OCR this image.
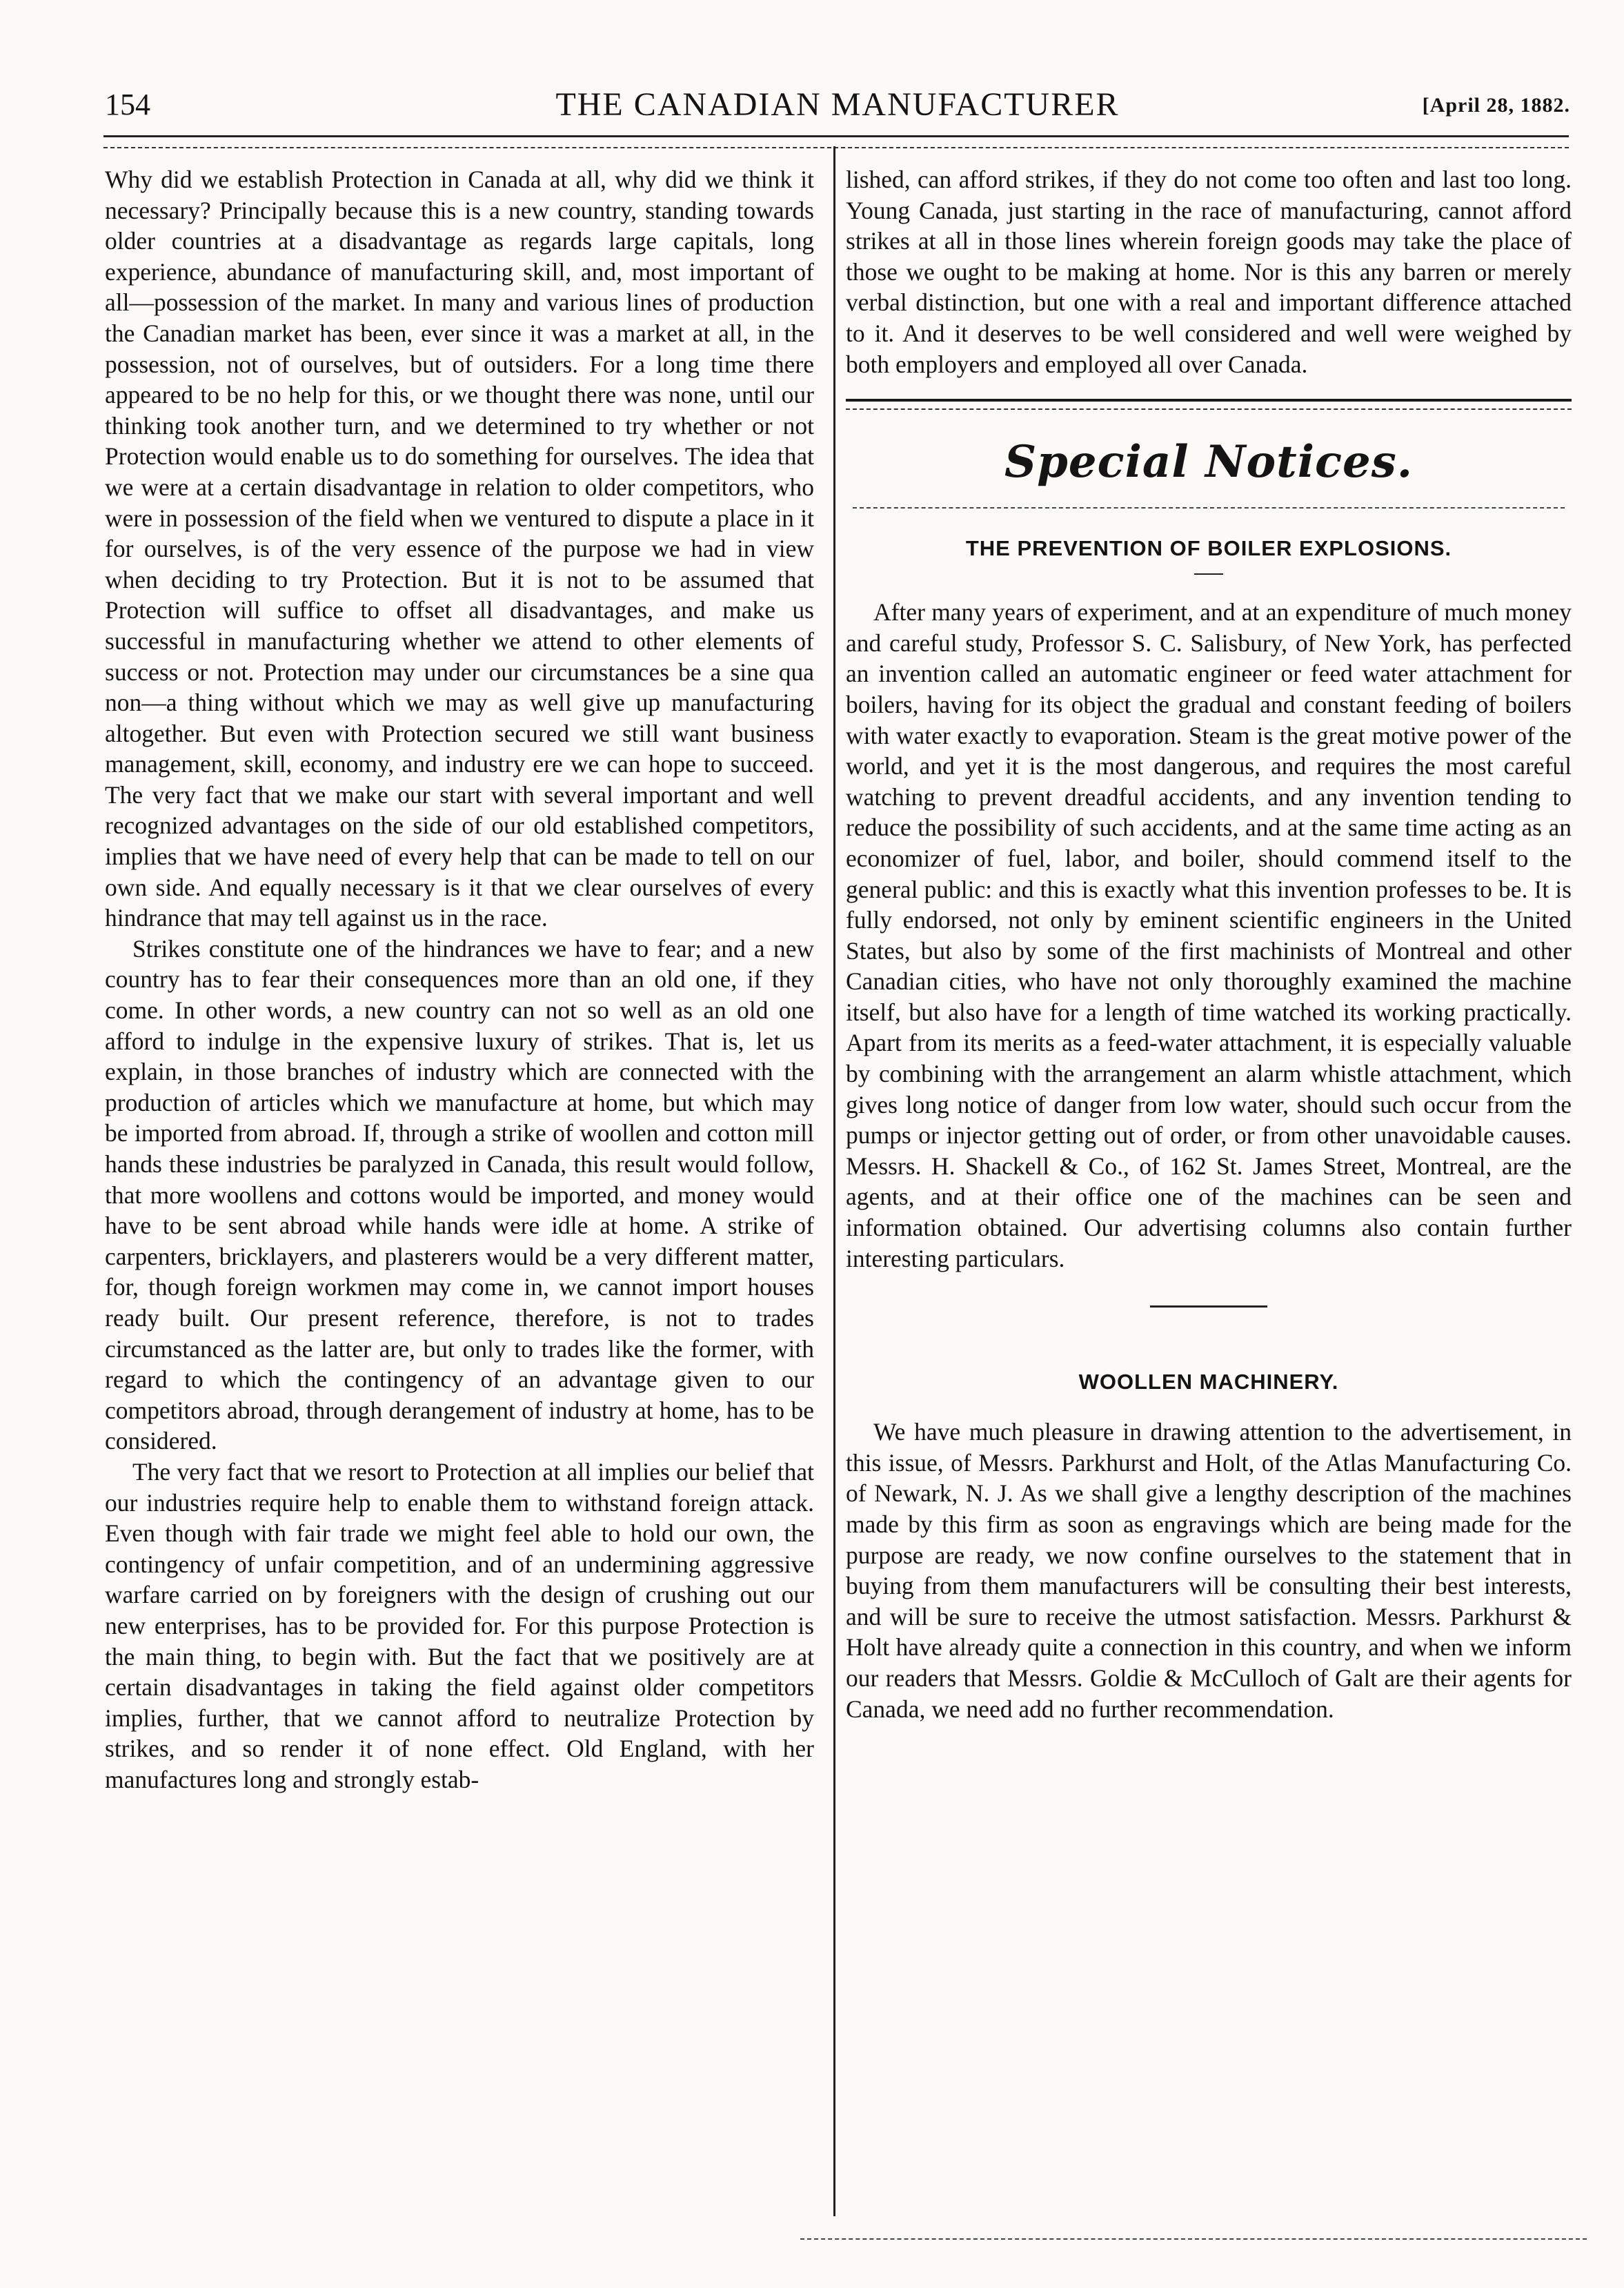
154	THE CANADIAN MANUFACTURER	[April 28, 1882.

Why did we establish Protection in Canada at all, why did we think it necessary? Principally because this is a new country, standing towards older countries at a disadvantage as regards large capitals, long experience, abundance of manufacturing skill, and, most important of all—possession of the market. In many and various lines of production the Canadian market has been, ever since it was a market at all, in the possession, not of ourselves, but of outsiders. For a long time there appeared to be no help for this, or we thought there was none, until our thinking took another turn, and we determined to try whether or not Protection would enable us to do something for ourselves. The idea that we were at a certain disadvantage in relation to older competitors, who were in possession of the field when we ventured to dispute a place in it for ourselves, is of the very essence of the purpose we had in view when deciding to try Protection. But it is not to be assumed that Protection will suffice to offset all disadvantages, and make us successful in manufacturing whether we attend to other elements of success or not. Protection may under our circumstances be a sine qua non—a thing without which we may as well give up manufacturing altogether. But even with Protection secured we still want business management, skill, economy, and industry ere we can hope to succeed. The very fact that we make our start with several important and well recognized advantages on the side of our old established competitors, implies that we have need of every help that can be made to tell on our own side. And equally necessary is it that we clear ourselves of every hindrance that may tell against us in the race.

Strikes constitute one of the hindrances we have to fear; and a new country has to fear their consequences more than an old one, if they come. In other words, a new country can not so well as an old one afford to indulge in the expensive luxury of strikes. That is, let us explain, in those branches of industry which are connected with the production of articles which we manufacture at home, but which may be imported from abroad. If, through a strike of woollen and cotton mill hands these industries be paralyzed in Canada, this result would follow, that more woollens and cottons would be imported, and money would have to be sent abroad while hands were idle at home. A strike of carpenters, bricklayers, and plasterers would be a very different matter, for, though foreign workmen may come in, we cannot import houses ready built. Our present reference, therefore, is not to trades circumstanced as the latter are, but only to trades like the former, with regard to which the contingency of an advantage given to our competitors abroad, through derangement of industry at home, has to be considered.

The very fact that we resort to Protection at all implies our belief that our industries require help to enable them to withstand foreign attack. Even though with fair trade we might feel able to hold our own, the contingency of unfair competition, and of an undermining aggressive warfare carried on by foreigners with the design of crushing out our new enterprises, has to be provided for. For this purpose Protection is the main thing, to begin with. But the fact that we positively are at certain disadvantages in taking the field against older competitors implies, further, that we cannot afford to neutralize Protection by strikes, and so render it of none effect. Old England, with her manufactures long and strongly estab-

lished, can afford strikes, if they do not come too often and last too long. Young Canada, just starting in the race of manufacturing, cannot afford strikes at all in those lines wherein foreign goods may take the place of those we ought to be making at home. Nor is this any barren or merely verbal distinction, but one with a real and important difference attached to it. And it deserves to be well considered and well were weighed by both employers and employed all over Canada.

Special Notices.
THE PREVENTION OF BOILER EXPLOSIONS.

After many years of experiment, and at an expenditure of much money and careful study, Professor S. C. Salisbury, of New York, has perfected an invention called an automatic engineer or feed water attachment for boilers, having for its object the gradual and constant feeding of boilers with water exactly to evaporation. Steam is the great motive power of the world, and yet it is the most dangerous, and requires the most careful watching to prevent dreadful accidents, and any invention tending to reduce the possibility of such accidents, and at the same time acting as an economizer of fuel, labor, and boiler, should commend itself to the general public: and this is exactly what this invention professes to be. It is fully endorsed, not only by eminent scientific engineers in the United States, but also by some of the first machinists of Montreal and other Canadian cities, who have not only thoroughly examined the machine itself, but also have for a length of time watched its working practically. Apart from its merits as a feed-water attachment, it is especially valuable by combining with the arrangement an alarm whistle attachment, which gives long notice of danger from low water, should such occur from the pumps or injector getting out of order, or from other unavoidable causes. Messrs. H. Shackell & Co., of 162 St. James Street, Montreal, are the agents, and at their office one of the machines can be seen and information obtained. Our advertising columns also contain further interesting particulars.

WOOLLEN MACHINERY.

We have much pleasure in drawing attention to the advertisement, in this issue, of Messrs. Parkhurst and Holt, of the Atlas Manufacturing Co. of Newark, N. J. As we shall give a lengthy description of the machines made by this firm as soon as engravings which are being made for the purpose are ready, we now confine ourselves to the statement that in buying from them manufacturers will be consulting their best interests, and will be sure to receive the utmost satisfaction. Messrs. Parkhurst & Holt have already quite a connection in this country, and when we inform our readers that Messrs. Goldie & McCulloch of Galt are their agents for Canada, we need add no further recommendation.
